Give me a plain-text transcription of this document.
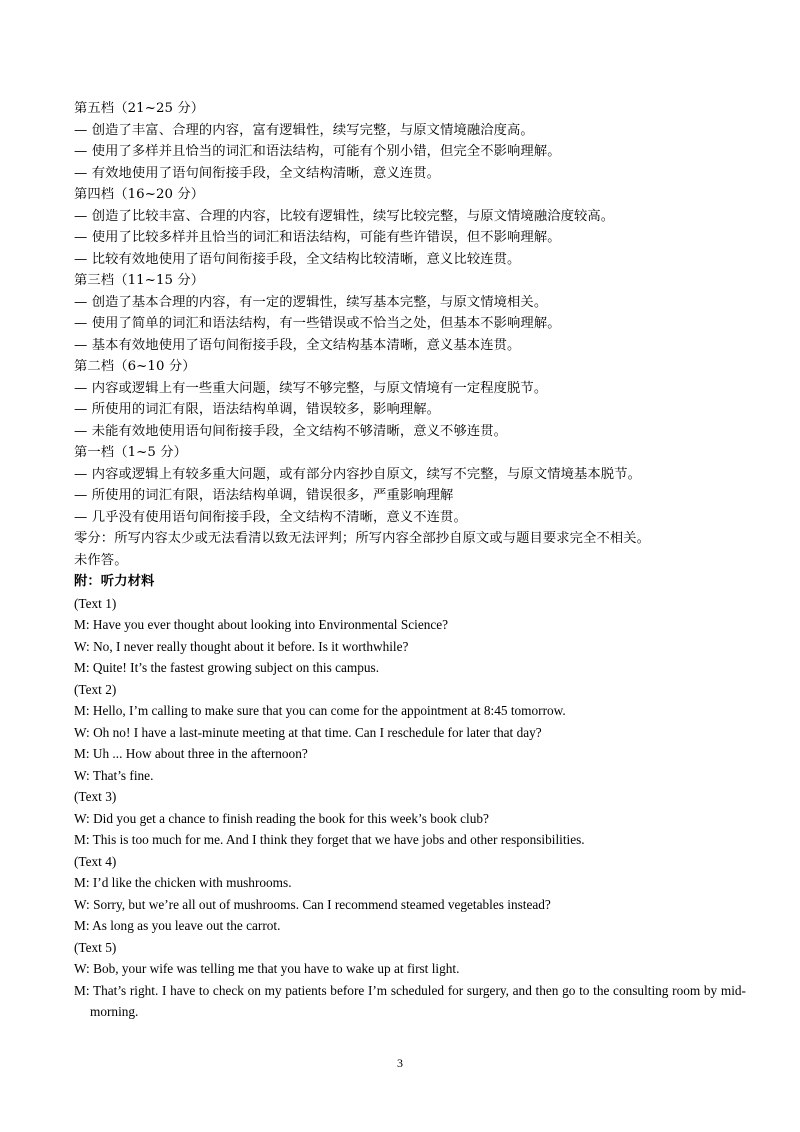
第五档（21~25 分）
— 创造了丰富、合理的内容，富有逻辑性，续写完整，与原文情境融洽度高。
— 使用了多样并且恰当的词汇和语法结构，可能有个别小错，但完全不影响理解。
— 有效地使用了语句间衔接手段，全文结构清晰，意义连贯。
第四档（16~20 分）
— 创造了比较丰富、合理的内容，比较有逻辑性，续写比较完整，与原文情境融洽度较高。
— 使用了比较多样并且恰当的词汇和语法结构，可能有些许错误，但不影响理解。
— 比较有效地使用了语句间衔接手段，全文结构比较清晰，意义比较连贯。
第三档（11~15 分）
— 创造了基本合理的内容，有一定的逻辑性，续写基本完整，与原文情境相关。
— 使用了简单的词汇和语法结构，有一些错误或不恰当之处，但基本不影响理解。
— 基本有效地使用了语句间衔接手段，全文结构基本清晰，意义基本连贯。
第二档（6~10 分）
— 内容或逻辑上有一些重大问题，续写不够完整，与原文情境有一定程度脱节。
— 所使用的词汇有限，语法结构单调，错误较多，影响理解。
— 未能有效地使用语句间衔接手段，全文结构不够清晰，意义不够连贯。
第一档（1~5 分）
— 内容或逻辑上有较多重大问题，或有部分内容抄自原文，续写不完整，与原文情境基本脱节。
— 所使用的词汇有限，语法结构单调，错误很多，严重影响理解
— 几乎没有使用语句间衔接手段，全文结构不清晰，意义不连贯。
零分：所写内容太少或无法看清以致无法评判；所写内容全部抄自原文或与题目要求完全不相关。
未作答。
附：听力材料
(Text 1)
M: Have you ever thought about looking into Environmental Science?
W: No, I never really thought about it before. Is it worthwhile?
M: Quite! It’s the fastest growing subject on this campus.
(Text 2)
M: Hello, I’m calling to make sure that you can come for the appointment at 8:45 tomorrow.
W: Oh no! I have a last-minute meeting at that time. Can I reschedule for later that day?
M: Uh ... How about three in the afternoon?
W: That’s fine.
(Text 3)
W: Did you get a chance to finish reading the book for this week’s book club?
M: This is too much for me. And I think they forget that we have jobs and other responsibilities.
(Text 4)
M: I’d like the chicken with mushrooms.
W: Sorry, but we’re all out of mushrooms. Can I recommend steamed vegetables instead?
M: As long as you leave out the carrot.
(Text 5)
W: Bob, your wife was telling me that you have to wake up at first light.
M: That’s right. I have to check on my patients before I’m scheduled for surgery, and then go to the consulting room by mid-morning.
3
